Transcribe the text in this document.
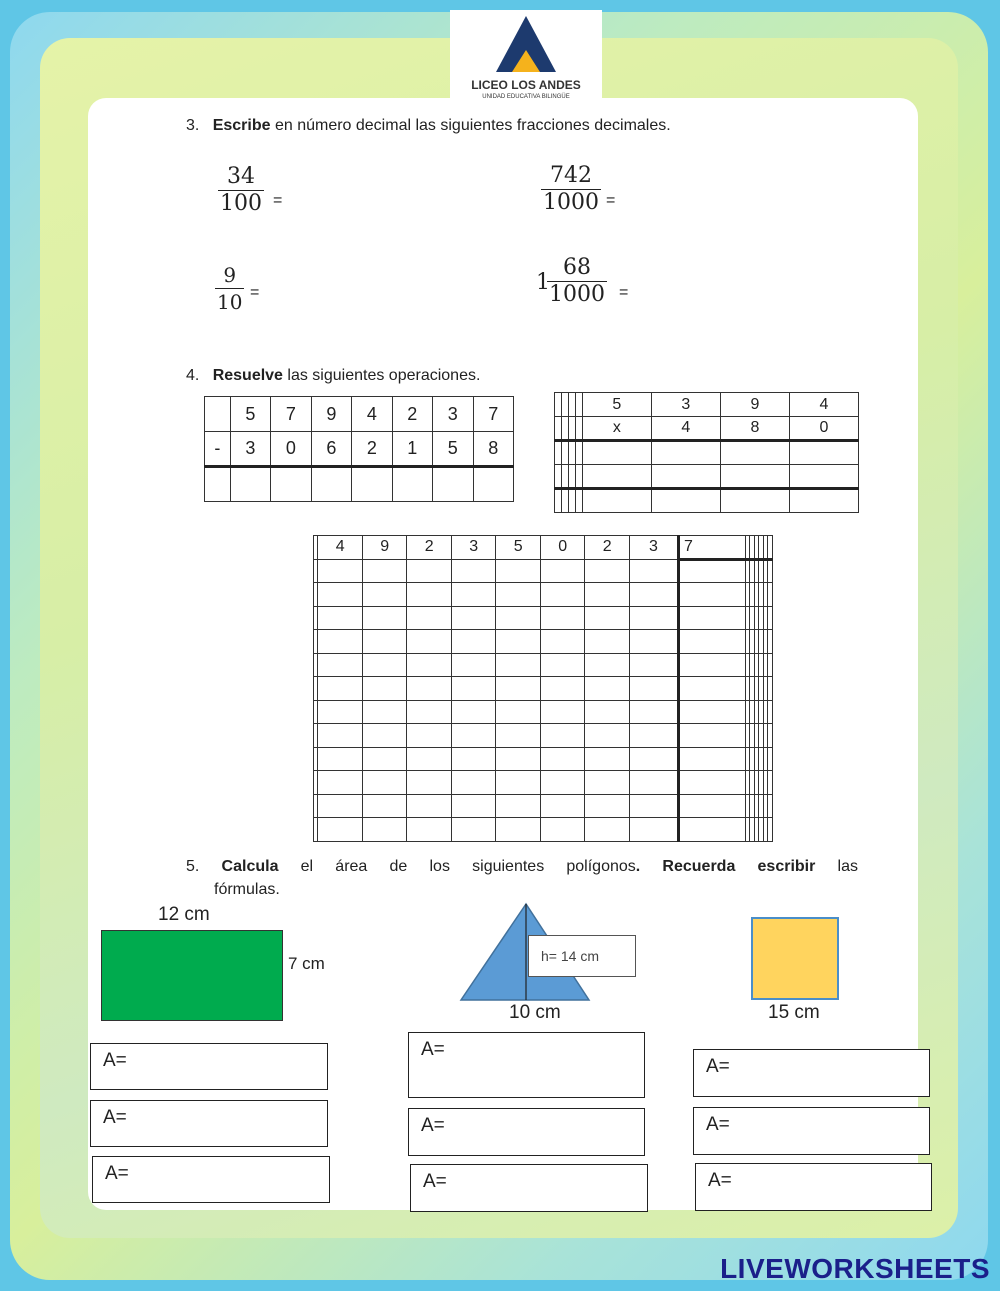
LICEO LOS ANDES
UNIDAD EDUCATIVA BILINGÜE
3. Escribe en número decimal las siguientes fracciones decimales.
$\frac{34}{100}$ =	$\frac{742}{1000}$ =
$\frac{9}{10}$ =	1
$\frac{68}{1000}$ =
4. Resuelve las siguientes operaciones.
	5	7	9	4	2	3	7
-	3	0	6	2	1	5	8

				5	3	9	4
				x	4	8	0

	4	9	2	3	5	0	2	3	7						

5. Calcula el área de los siguientes polígonos. Recuerda escribir las
fórmulas.
12 cm
7 cm	h= 14 cm
10 cm	15 cm
A=
A=
A=
A=
A=
A=
A=
A=
A=
LIVEWORKSHEETS
